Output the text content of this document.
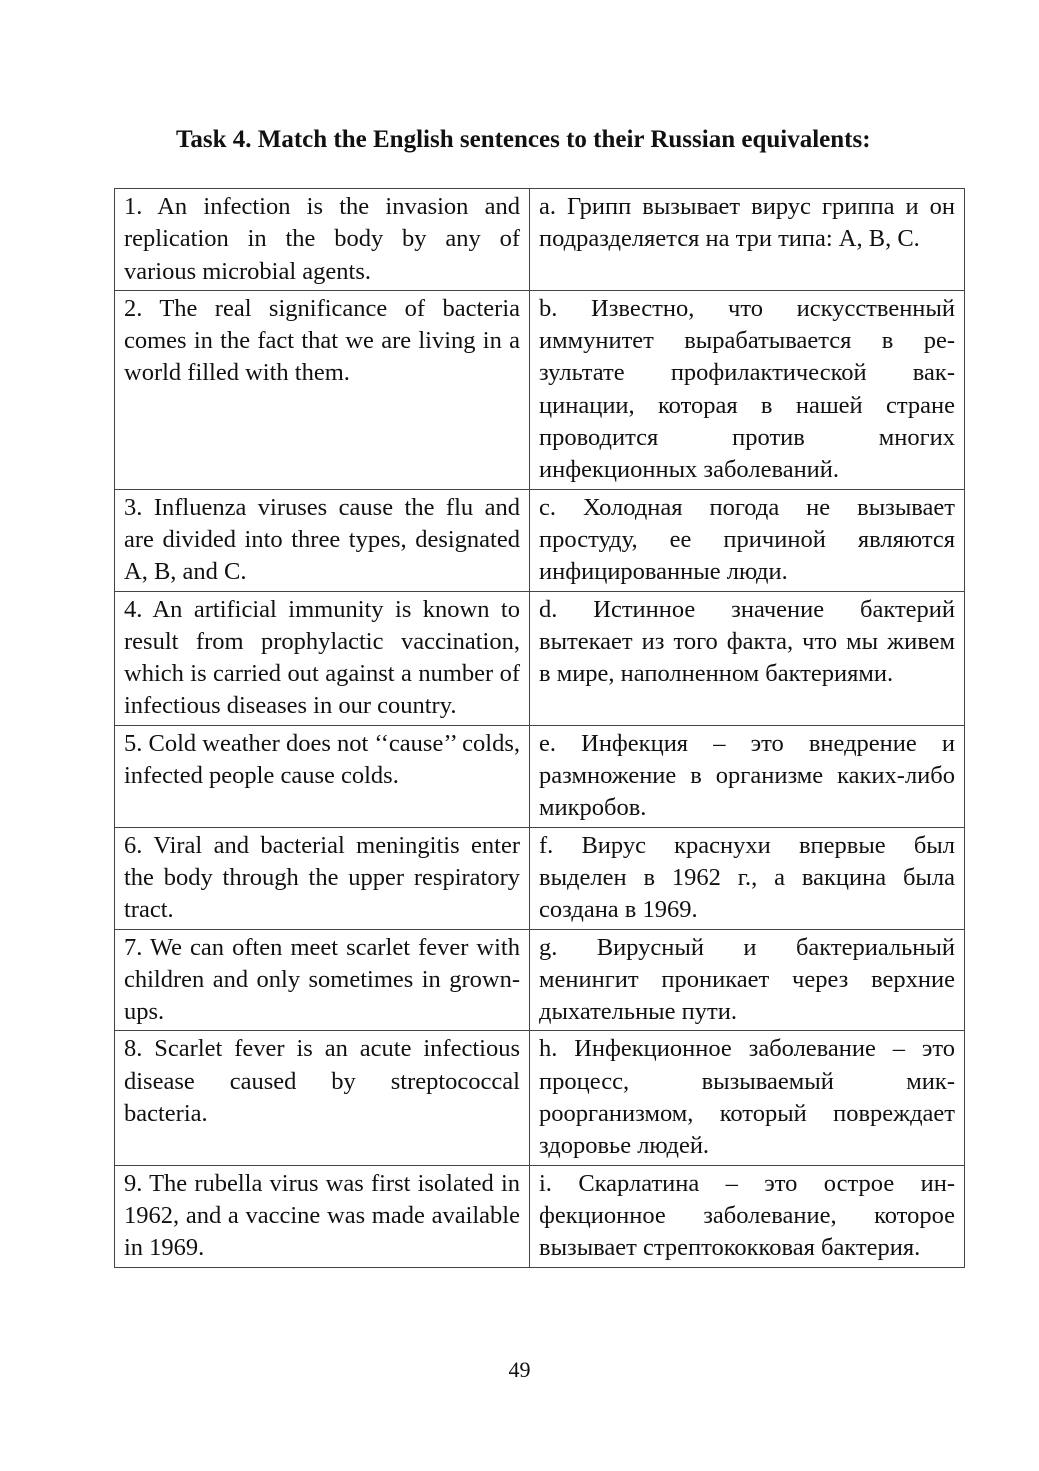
Task 4. Match the English sentences to their Russian equivalents:
1. An infection is the invasion and replication in the body by any of various microbial agents.	a. Грипп вызывает вирус гриппа и он подразделяется на три типа: А, В, С.
2. The real significance of bacteria comes in the fact that we are living in a world filled with them.	b. Известно, что искусственный иммунитет вырабатывается в результате профилактической вакцинации, которая в нашей стране проводится против многих инфекционных заболеваний.
3. Influenza viruses cause the flu and are divided into three types, designated A, B, and C.	c. Холодная погода не вызывает простуду, ее причиной являются инфицированные люди.
4. An artificial immunity is known to result from prophylactic vaccination, which is carried out against a number of infectious diseases in our country.	d. Истинное значение бактерий вытекает из того факта, что мы живем в мире, наполненном бактериями.
5. Cold weather does not ‘‘cause’’ colds, infected people cause colds.	e. Инфекция – это внедрение и размножение в организме каких-либо микробов.
6. Viral and bacterial meningitis enter the body through the upper respiratory tract.	f. Вирус краснухи впервые был выделен в 1962 г., а вакцина была создана в 1969.
7. We can often meet scarlet fever with children and only sometimes in grown-ups.	g. Вирусный и бактериальный менингит проникает через верхние дыхательные пути.
8. Scarlet fever is an acute infectious disease caused by streptococcal bacteria.	h. Инфекционное заболевание – это процесс, вызываемый микроорганизмом, который повреждает здоровье людей.
9. The rubella virus was first isolated in 1962, and a vaccine was made available in 1969.	i. Скарлатина – это острое инфекционное заболевание, которое вызывает стрептококковая бактерия.
49
